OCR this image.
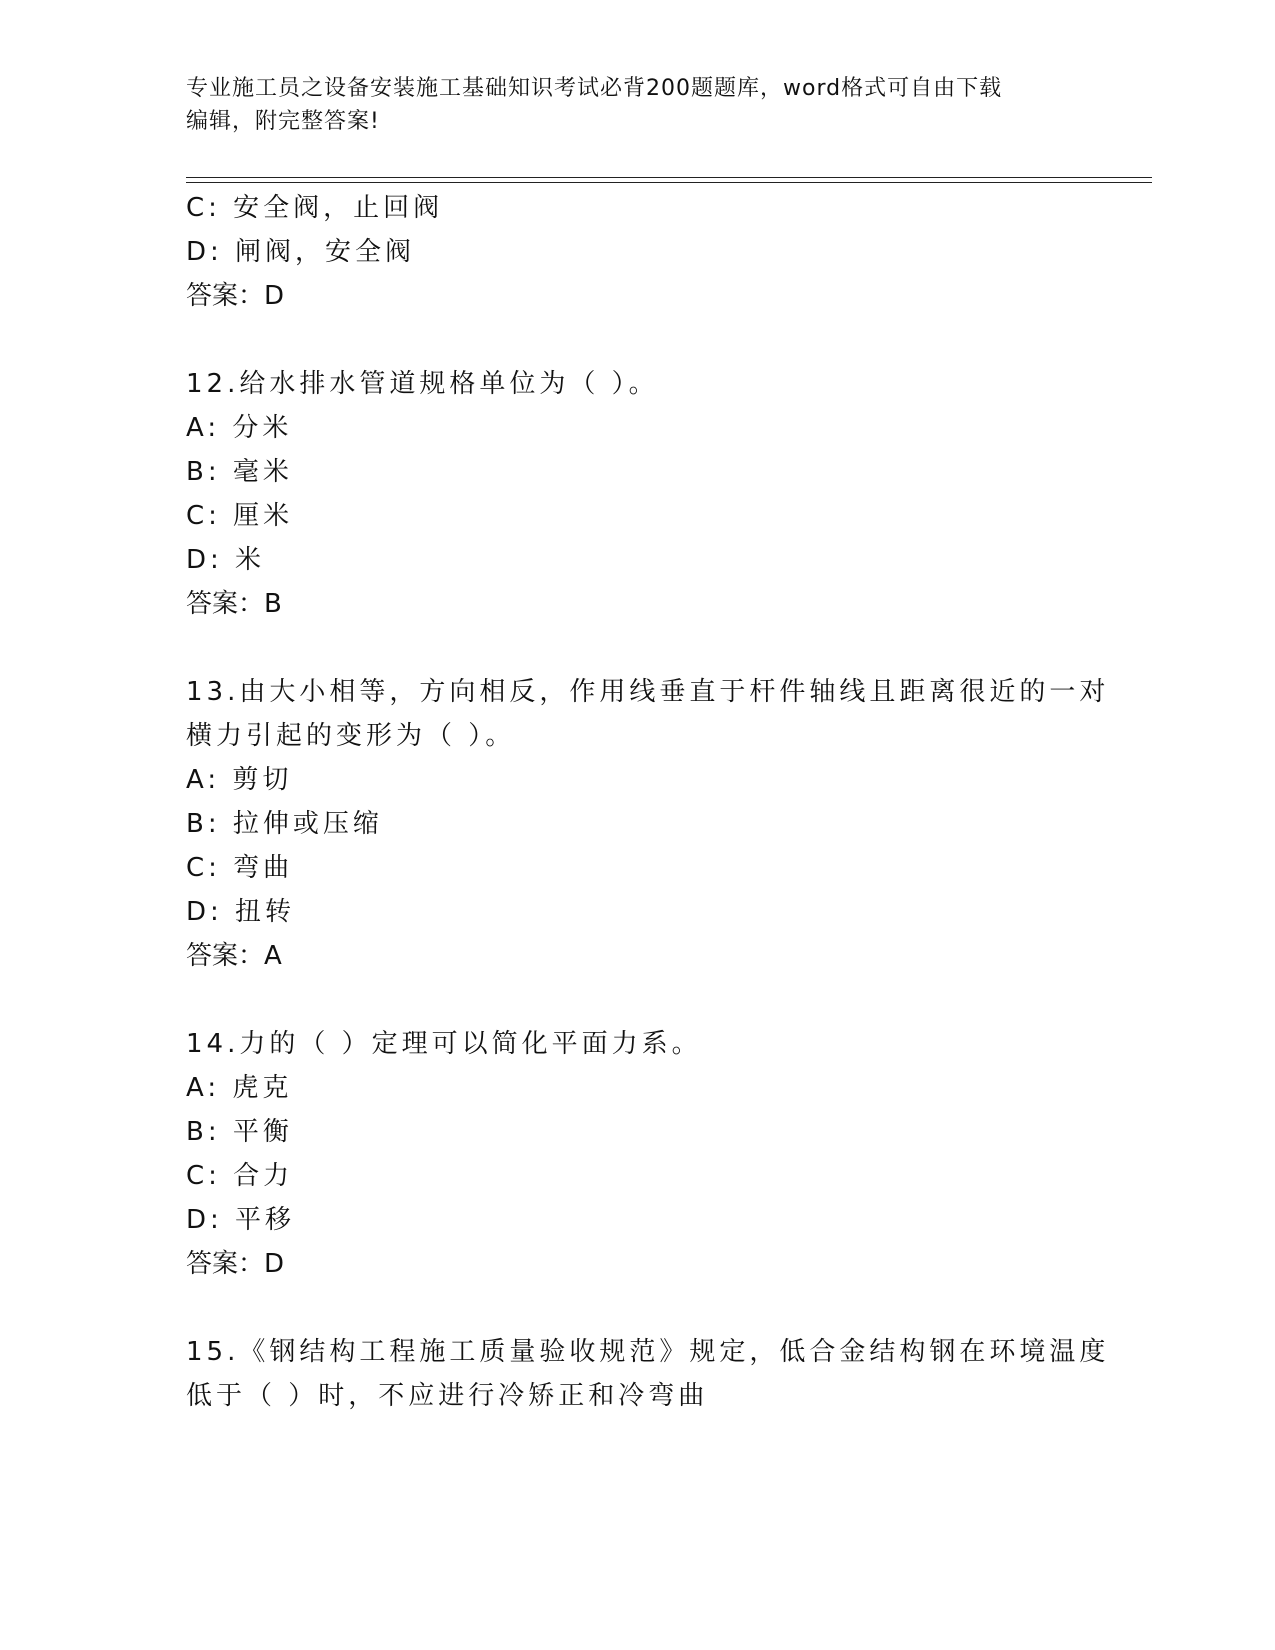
专业施工员之设备安装施工基础知识考试必背200题题库，word格式可自由下载
编辑，附完整答案!
C: 安全阀，止回阀
D: 闸阀，安全阀
答案：D
12.给水排水管道规格单位为（ ）。
A: 分米
B: 毫米
C: 厘米
D: 米
答案：B
13.由大小相等，方向相反，作用线垂直于杆件轴线且距离很近的一对
横力引起的变形为（ ）。
A: 剪切
B: 拉伸或压缩
C: 弯曲
D: 扭转
答案：A
14.力的（ ）定理可以简化平面力系。
A: 虎克
B: 平衡
C: 合力
D: 平移
答案：D
15.《钢结构工程施工质量验收规范》规定，低合金结构钢在环境温度
低于（ ）时，不应进行冷矫正和冷弯曲
